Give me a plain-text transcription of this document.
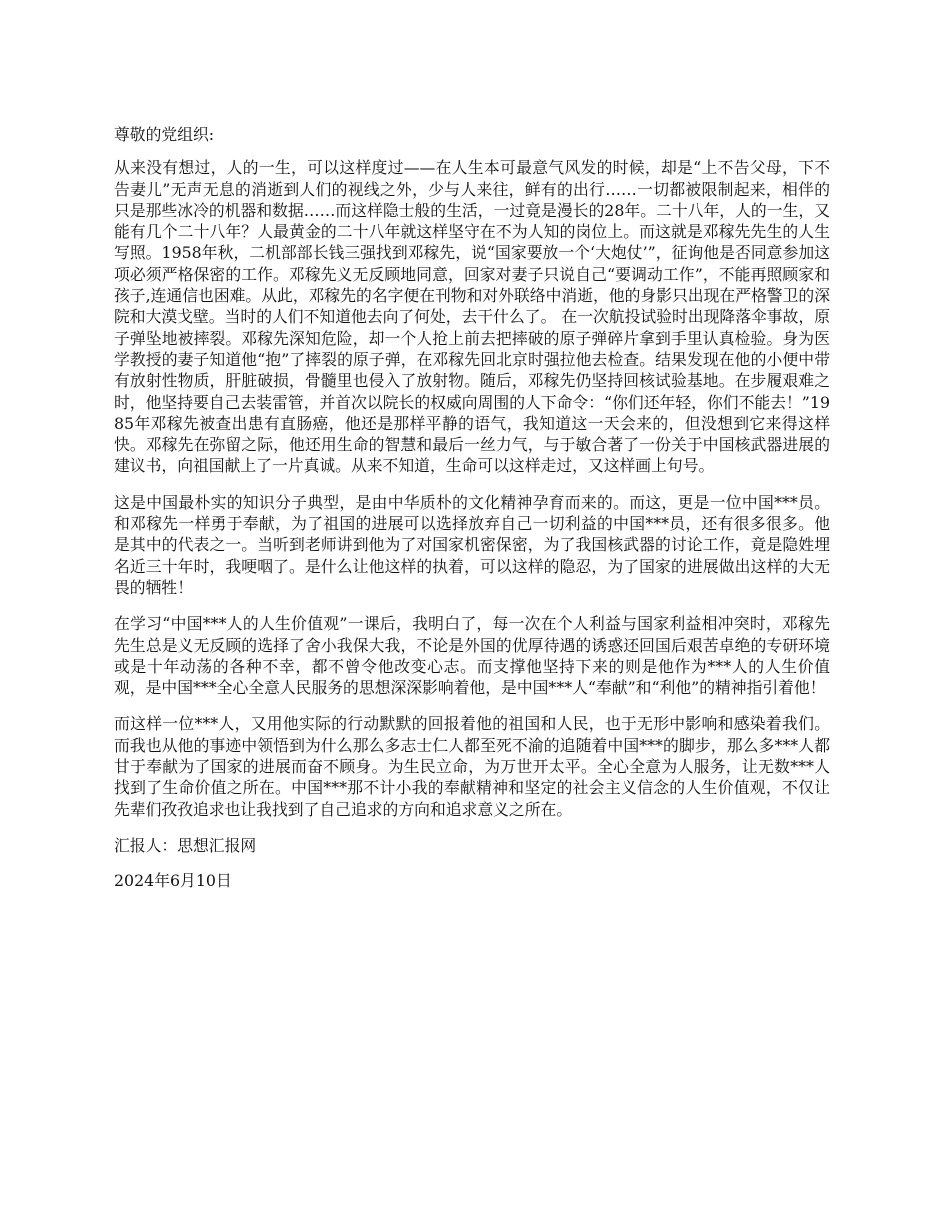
尊敬的党组织:

从来没有想过，人的一生，可以这样度过——在人生本可最意气风发的时候，却是“上不告父母，下不告妻儿”无声无息的消逝到人们的视线之外，少与人来往，鲜有的出行……一切都被限制起来，相伴的只是那些冰冷的机器和数据……而这样隐士般的生活，一过竟是漫长的28年。二十八年，人的一生，又能有几个二十八年？人最黄金的二十八年就这样坚守在不为人知的岗位上。而这就是邓稼先先生的人生写照。1958年秋，二机部部长钱三强找到邓稼先，说“国家要放一个‘大炮仗’”，征询他是否同意参加这项必须严格保密的工作。邓稼先义无反顾地同意，回家对妻子只说自己“要调动工作”，不能再照顾家和孩子,连通信也困难。从此，邓稼先的名字便在刊物和对外联络中消逝，他的身影只出现在严格警卫的深院和大漠戈壁。当时的人们不知道他去向了何处，去干什么了。 在一次航投试验时出现降落伞事故，原子弹坠地被摔裂。邓稼先深知危险，却一个人抢上前去把摔破的原子弹碎片拿到手里认真检验。身为医学教授的妻子知道他“抱”了摔裂的原子弹，在邓稼先回北京时强拉他去检查。结果发现在他的小便中带有放射性物质，肝脏破损，骨髓里也侵入了放射物。随后，邓稼先仍坚持回核试验基地。在步履艰难之时，他坚持要自己去装雷管，并首次以院长的权威向周围的人下命令：“你们还年轻，你们不能去！”1985年邓稼先被查出患有直肠癌，他还是那样平静的语气，我知道这一天会来的，但没想到它来得这样快。邓稼先在弥留之际，他还用生命的智慧和最后一丝力气，与于敏合著了一份关于中国核武器进展的建议书，向祖国献上了一片真诚。从来不知道，生命可以这样走过，又这样画上句号。

这是中国最朴实的知识分子典型，是由中华质朴的文化精神孕育而来的。而这，更是一位中国***员。和邓稼先一样勇于奉献，为了祖国的进展可以选择放弃自己一切利益的中国***员，还有很多很多。他是其中的代表之一。当听到老师讲到他为了对国家机密保密，为了我国核武器的讨论工作，竟是隐姓埋名近三十年时，我哽咽了。是什么让他这样的执着，可以这样的隐忍，为了国家的进展做出这样的大无畏的牺牲！

在学习“中国***人的人生价值观”一课后，我明白了，每一次在个人利益与国家利益相冲突时，邓稼先先生总是义无反顾的选择了舍小我保大我，不论是外国的优厚待遇的诱惑还回国后艰苦卓绝的专研环境或是十年动荡的各种不幸，都不曾令他改变心志。而支撑他坚持下来的则是他作为***人的人生价值观，是中国***全心全意人民服务的思想深深影响着他，是中国***人“奉献”和“利他”的精神指引着他！

而这样一位***人，又用他实际的行动默默的回报着他的祖国和人民，也于无形中影响和感染着我们。而我也从他的事迹中领悟到为什么那么多志士仁人都至死不渝的追随着中国***的脚步，那么多***人都甘于奉献为了国家的进展而奋不顾身。为生民立命，为万世开太平。全心全意为人服务，让无数***人找到了生命价值之所在。中国***那不计小我的奉献精神和坚定的社会主义信念的人生价值观，不仅让先辈们孜孜追求也让我找到了自己追求的方向和追求意义之所在。

汇报人：思想汇报网

2024年6月10日
